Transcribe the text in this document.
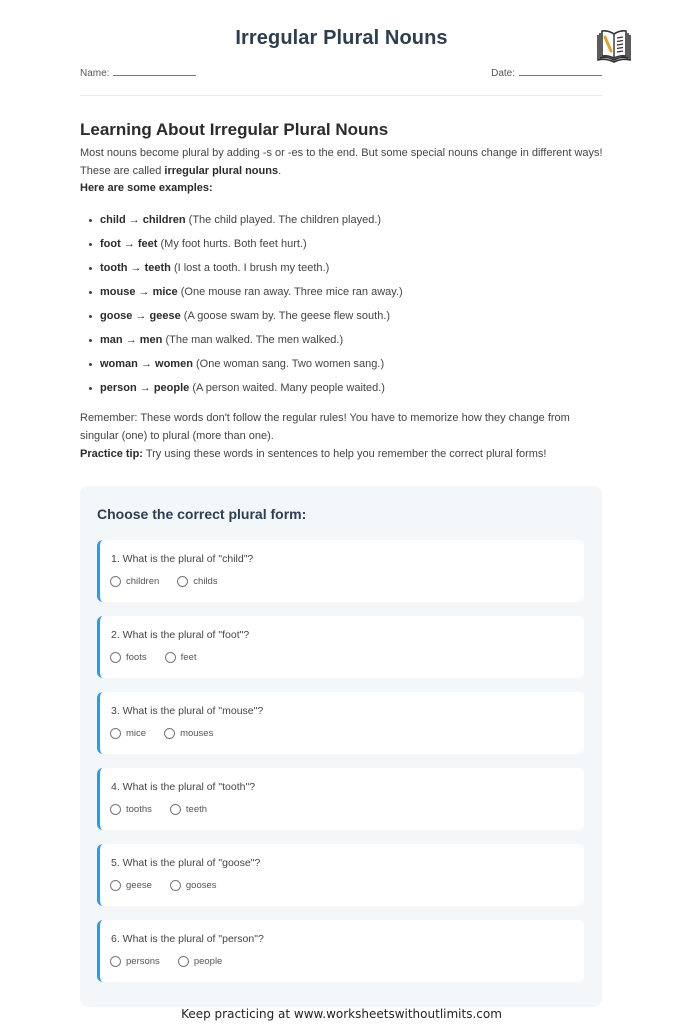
Irregular Plural Nouns
Name:	Date:
Learning About Irregular Plural Nouns
Most nouns become plural by adding -s or -es to the end. But some special nouns change in different ways! These are called irregular plural nouns.
Here are some examples:
child → children (The child played. The children played.)
foot → feet (My foot hurts. Both feet hurt.)
tooth → teeth (I lost a tooth. I brush my teeth.)
mouse → mice (One mouse ran away. Three mice ran away.)
goose → geese (A goose swam by. The geese flew south.)
man → men (The man walked. The men walked.)
woman → women (One woman sang. Two women sang.)
person → people (A person waited. Many people waited.)
Remember: These words don't follow the regular rules! You have to memorize how they change from singular (one) to plural (more than one).
Practice tip: Try using these words in sentences to help you remember the correct plural forms!
Choose the correct plural form:
1. What is the plural of "child"?
children	childs
2. What is the plural of "foot"?
foots	feet
3. What is the plural of "mouse"?
mice	mouses
4. What is the plural of "tooth"?
tooths	teeth
5. What is the plural of "goose"?
geese	gooses
6. What is the plural of "person"?
persons	people
Keep practicing at www.worksheetswithoutlimits.com
